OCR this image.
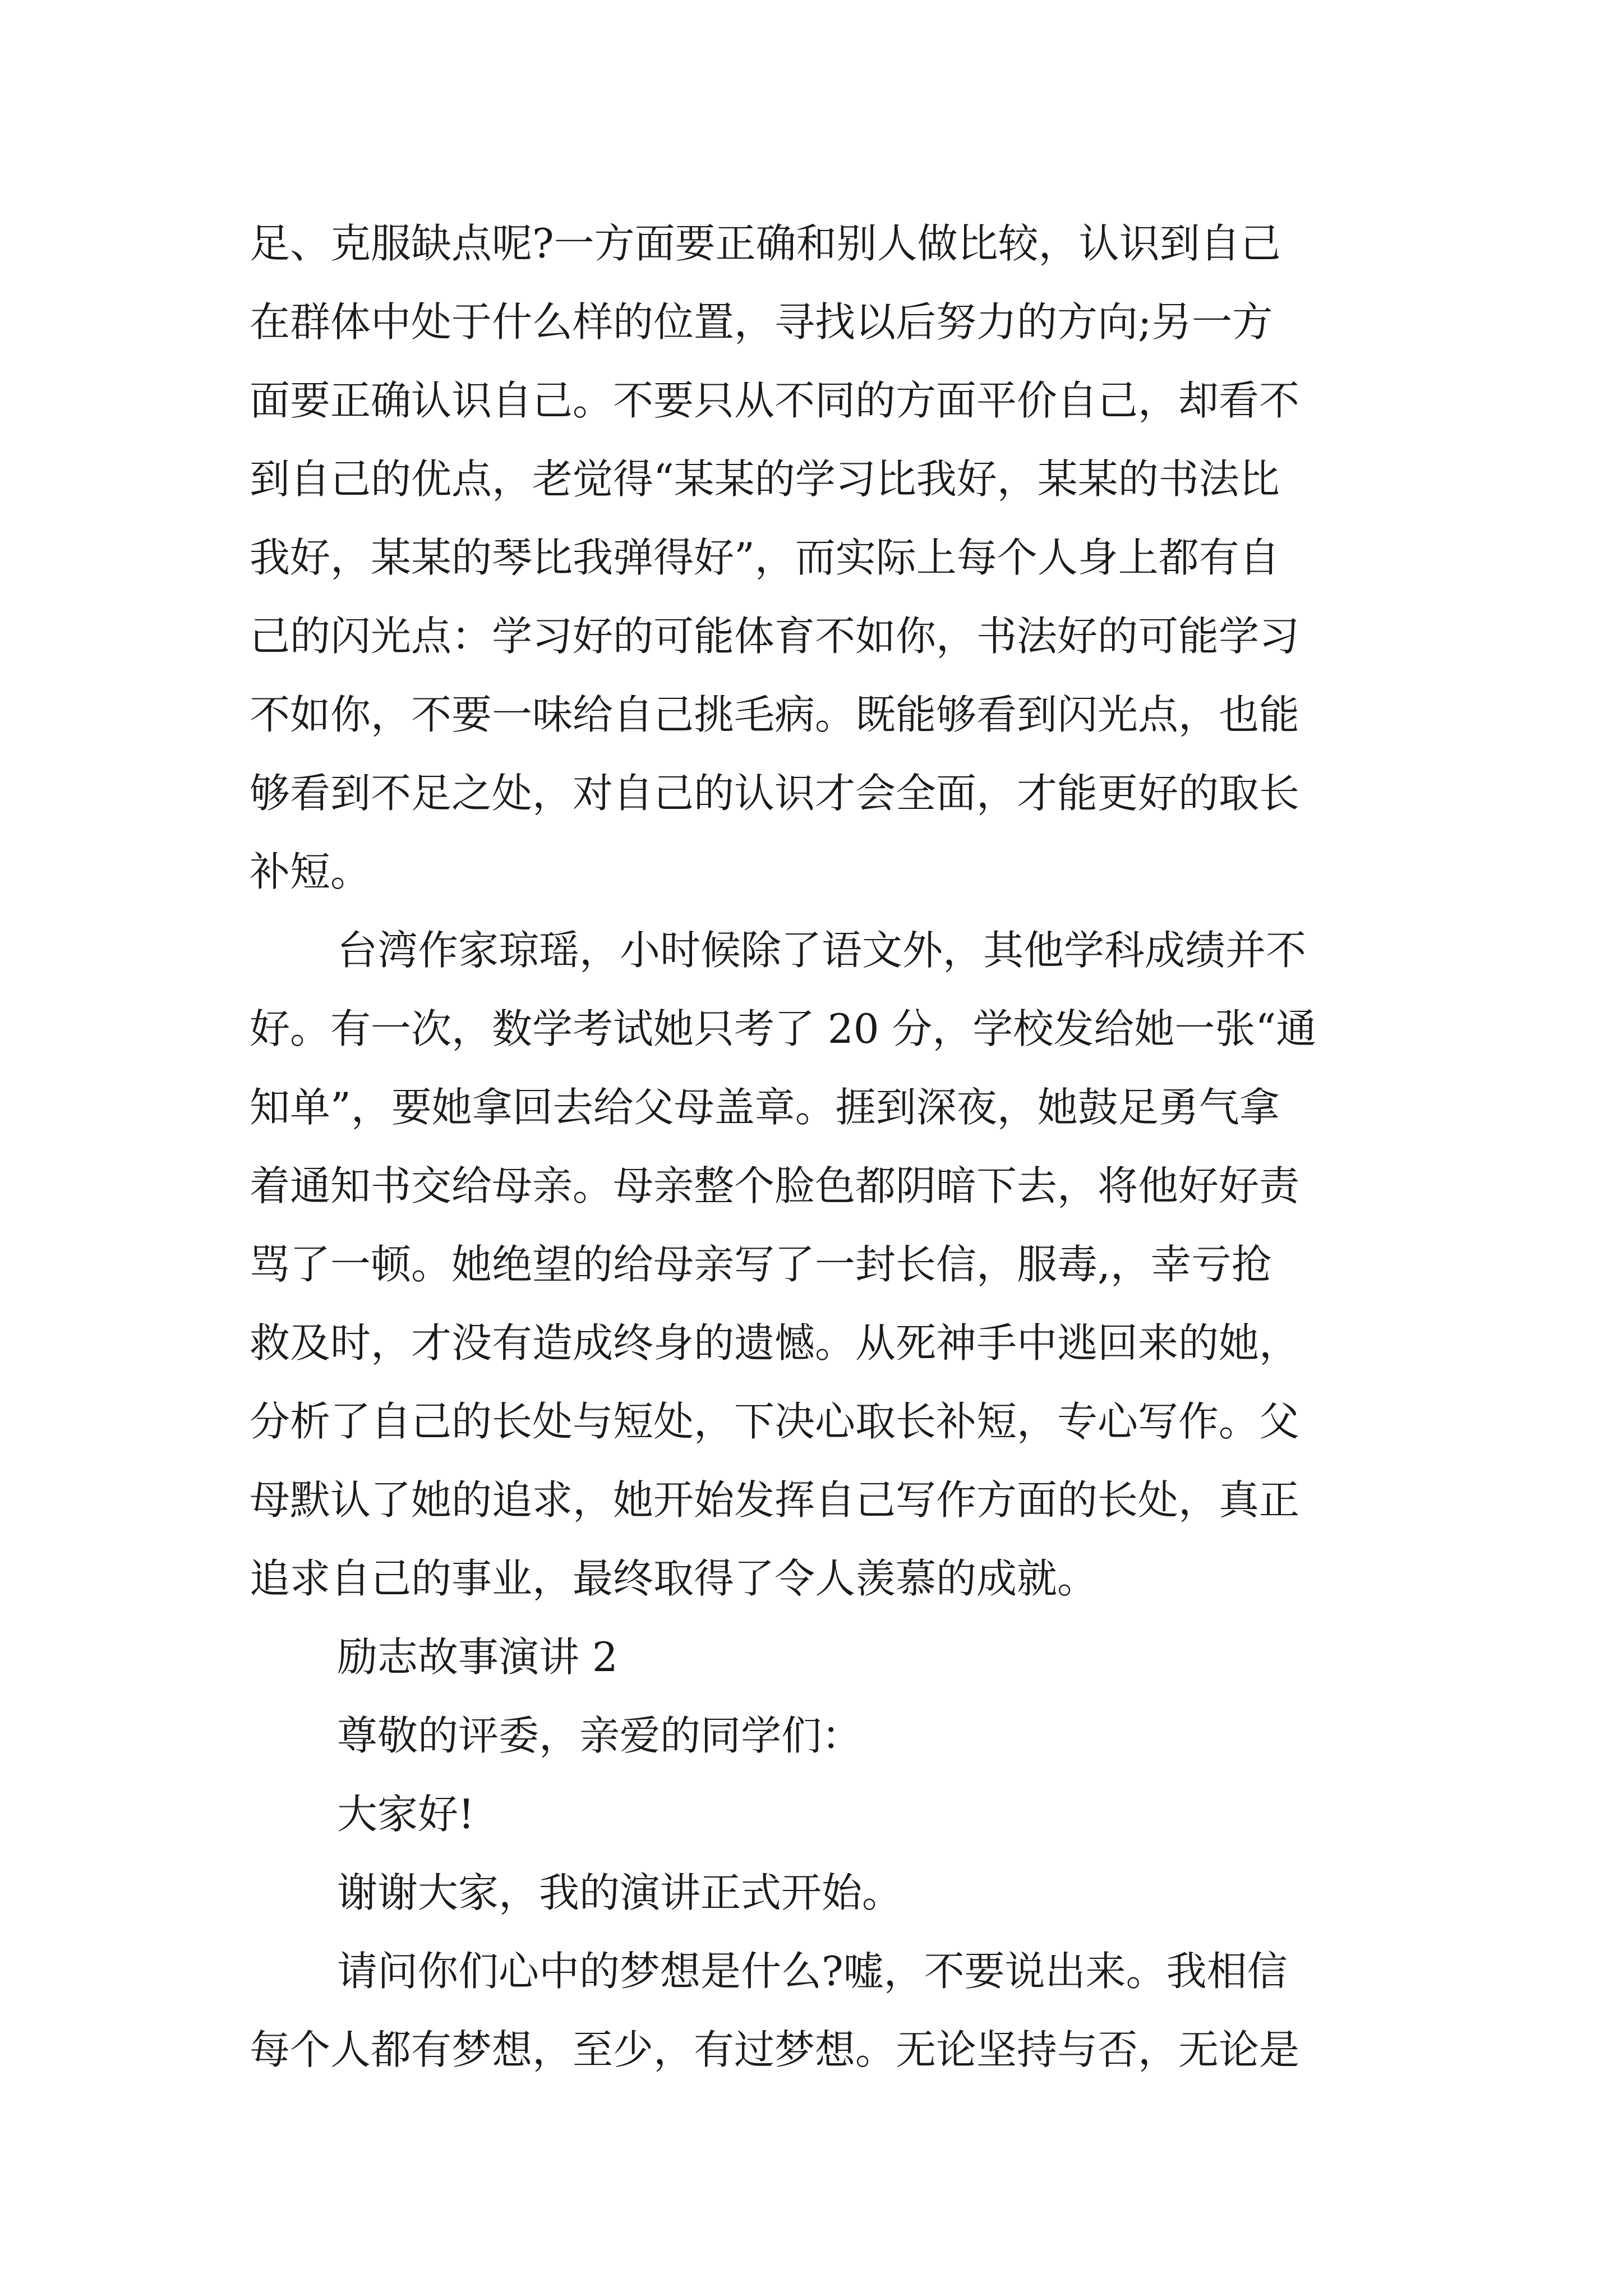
足、克服缺点呢?一方面要正确和别人做比较，认识到自己
在群体中处于什么样的位置，寻找以后努力的方向;另一方
面要正确认识自己。不要只从不同的方面平价自己，却看不
到自己的优点，老觉得“某某的学习比我好，某某的书法比
我好，某某的琴比我弹得好”，而实际上每个人身上都有自
己的闪光点：学习好的可能体育不如你，书法好的可能学习
不如你，不要一味给自己挑毛病。既能够看到闪光点，也能
够看到不足之处，对自己的认识才会全面，才能更好的取长
补短。
台湾作家琼瑶，小时候除了语文外，其他学科成绩并不
好。有一次，数学考试她只考了 20 分，学校发给她一张“通
知单”，要她拿回去给父母盖章。捱到深夜，她鼓足勇气拿
着通知书交给母亲。母亲整个脸色都阴暗下去，将他好好责
骂了一顿。她绝望的给母亲写了一封长信，服毒,，幸亏抢
救及时，才没有造成终身的遗憾。从死神手中逃回来的她，
分析了自己的长处与短处，下决心取长补短，专心写作。父
母默认了她的追求，她开始发挥自己写作方面的长处，真正
追求自己的事业，最终取得了令人羡慕的成就。
励志故事演讲 2
尊敬的评委，亲爱的同学们：
大家好!
谢谢大家，我的演讲正式开始。
请问你们心中的梦想是什么?嘘，不要说出来。我相信
每个人都有梦想，至少，有过梦想。无论坚持与否，无论是
